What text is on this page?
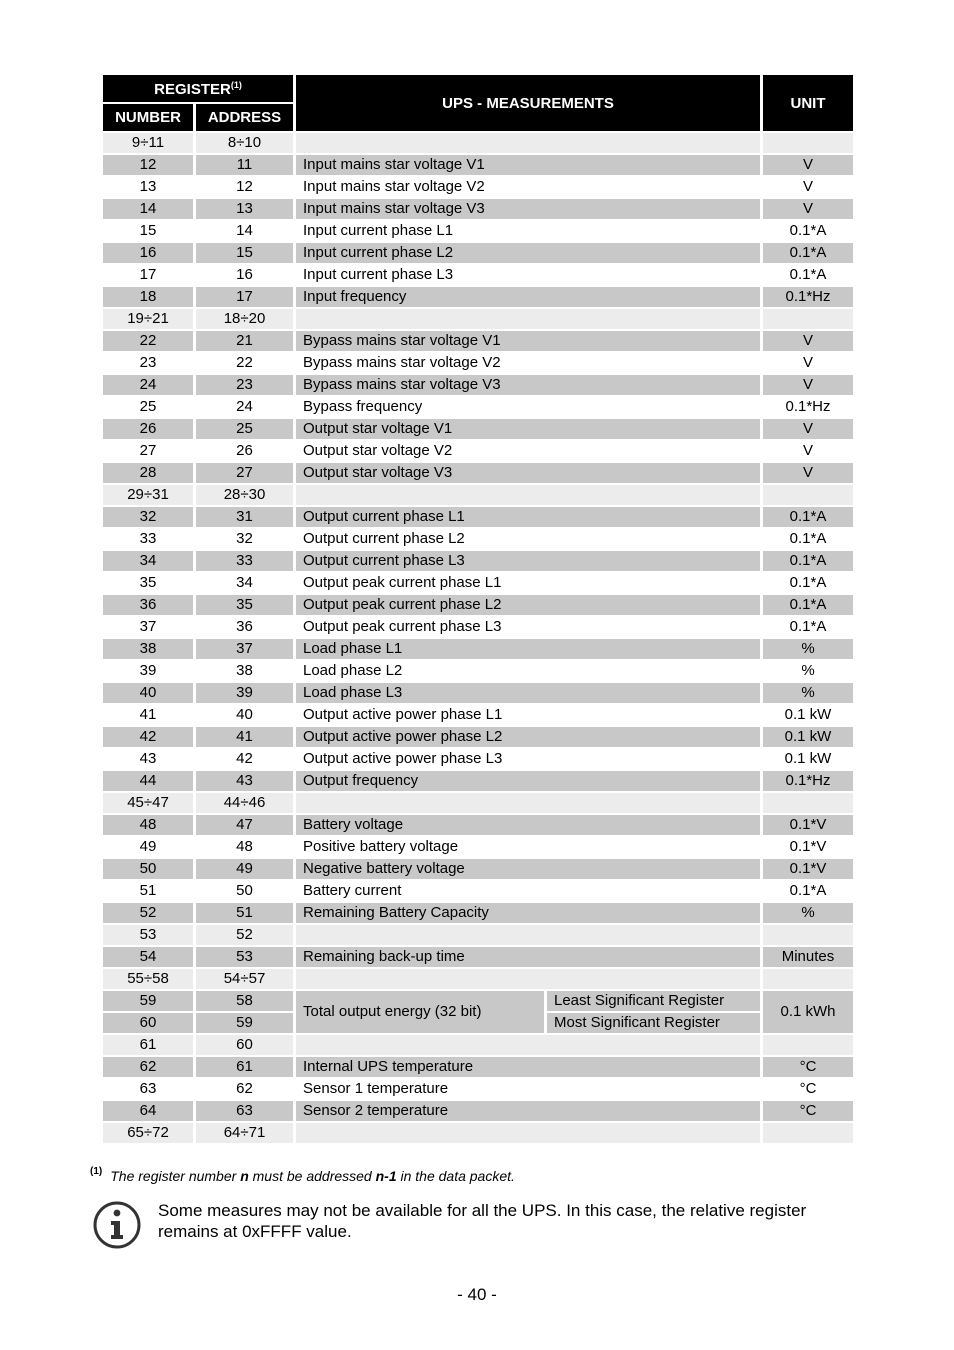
REGISTER$^{(1)}$		UPS - MEASUREMENTS		UNIT
NUMBER	ADDRESS			
9÷11	8÷10			
12	11	Input mains star voltage V1		V
13	12	Input mains star voltage V2		V
14	13	Input mains star voltage V3		V
15	14	Input current phase L1		0.1*A
16	15	Input current phase L2		0.1*A
17	16	Input current phase L3		0.1*A
18	17	Input frequency		0.1*Hz
19÷21	18÷20			
22	21	Bypass mains star voltage V1		V
23	22	Bypass mains star voltage V2		V
24	23	Bypass mains star voltage V3		V
25	24	Bypass frequency		0.1*Hz
26	25	Output star voltage V1		V
27	26	Output star voltage V2		V
28	27	Output star voltage V3		V
29÷31	28÷30			
32	31	Output current phase L1		0.1*A
33	32	Output current phase L2		0.1*A
34	33	Output current phase L3		0.1*A
35	34	Output peak current phase L1		0.1*A
36	35	Output peak current phase L2		0.1*A
37	36	Output peak current phase L3		0.1*A
38	37	Load phase L1		%
39	38	Load phase L2		%
40	39	Load phase L3		%
41	40	Output active power phase L1		0.1 kW
42	41	Output active power phase L2		0.1 kW
43	42	Output active power phase L3		0.1 kW
44	43	Output frequency		0.1*Hz
45÷47	44÷46			
48	47	Battery voltage		0.1*V
49	48	Positive battery voltage		0.1*V
50	49	Negative battery voltage		0.1*V
51	50	Battery current		0.1*A
52	51	Remaining Battery Capacity		%
53	52			
54	53	Remaining back-up time		Minutes
55÷58	54÷57			
59	58	Total output energy (32 bit)	Least Significant Register	0.1 kWh
60	59		Most Significant Register	
61	60			
62	61	Internal UPS temperature		°C
63	62	Sensor 1 temperature		°C
64	63	Sensor 2 temperature		°C
65÷72	64÷71			
$^{(1)}$ The register number n must be addressed n-1 in the data packet.
Some measures may not be available for all the UPS. In this case, the relative register remains at 0xFFFF value.
- 40 -
